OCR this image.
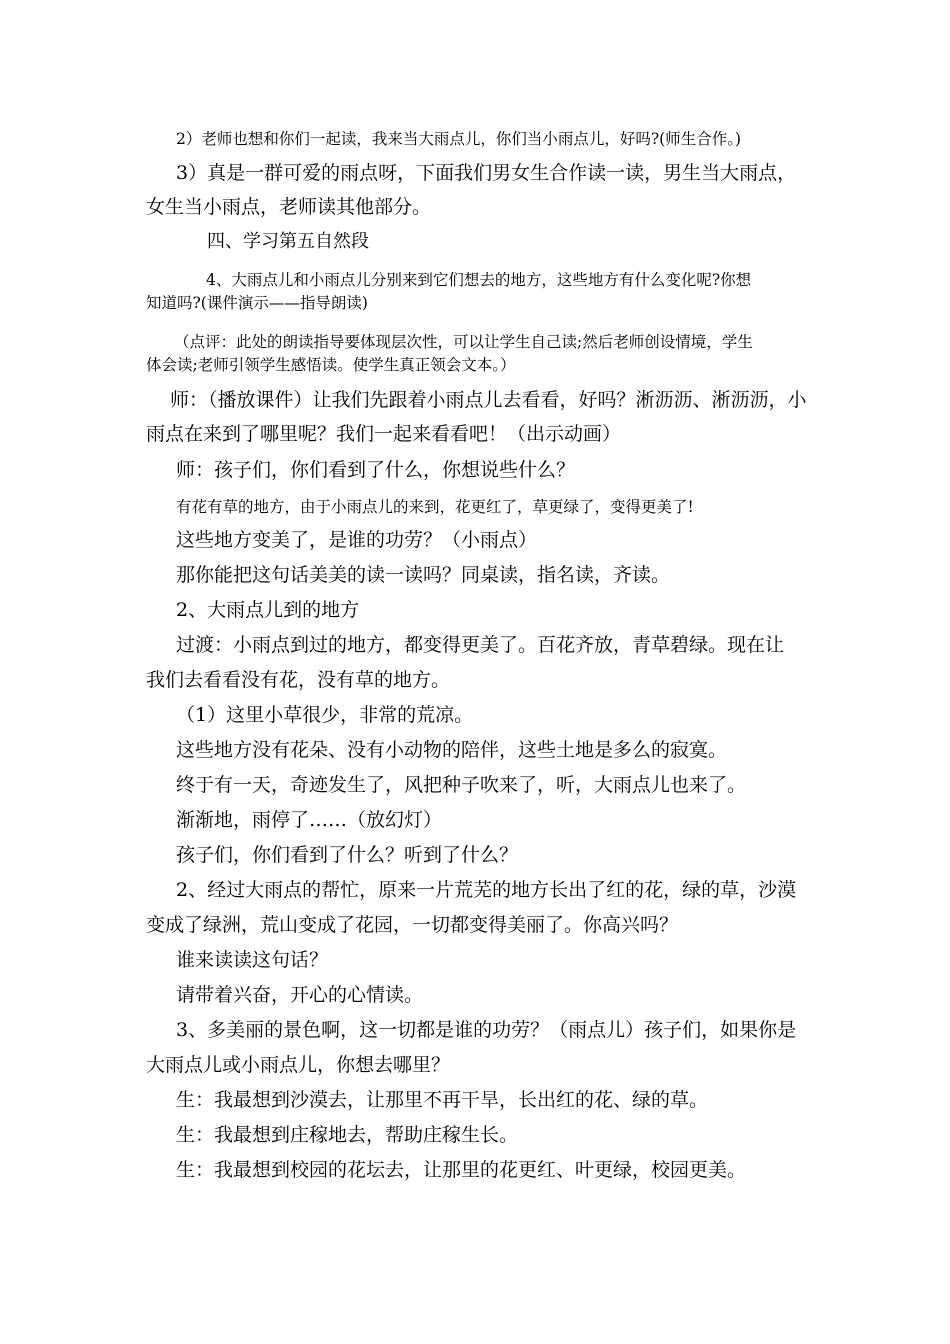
2）老师也想和你们一起读，我来当大雨点儿，你们当小雨点儿，好吗?(师生合作。)
3）真是一群可爱的雨点呀，下面我们男女生合作读一读，男生当大雨点，
女生当小雨点，老师读其他部分。
四、学习第五自然段
4、大雨点儿和小雨点儿分别来到它们想去的地方，这些地方有什么变化呢?你想
知道吗?(课件演示——指导朗读)
（点评：此处的朗读指导要体现层次性，可以让学生自己读;然后老师创设情境，学生
体会读;老师引领学生感悟读。使学生真正领会文本。）
师：（播放课件）让我们先跟着小雨点儿去看看，好吗？淅沥沥、淅沥沥，小
雨点在来到了哪里呢？我们一起来看看吧！（出示动画）
师：孩子们，你们看到了什么，你想说些什么？
有花有草的地方，由于小雨点儿的来到，花更红了，草更绿了，变得更美了!
这些地方变美了，是谁的功劳？（小雨点）
那你能把这句话美美的读一读吗？同桌读，指名读，齐读。
2、大雨点儿到的地方
过渡：小雨点到过的地方，都变得更美了。百花齐放，青草碧绿。现在让
我们去看看没有花，没有草的地方。
（1）这里小草很少，非常的荒凉。
这些地方没有花朵、没有小动物的陪伴，这些土地是多么的寂寞。
终于有一天，奇迹发生了，风把种子吹来了，听，大雨点儿也来了。
渐渐地，雨停了……（放幻灯）
孩子们，你们看到了什么？听到了什么？
2、经过大雨点的帮忙，原来一片荒芜的地方长出了红的花，绿的草，沙漠
变成了绿洲，荒山变成了花园，一切都变得美丽了。你高兴吗？
谁来读读这句话？
请带着兴奋，开心的心情读。
3、多美丽的景色啊，这一切都是谁的功劳？（雨点儿）孩子们，如果你是
大雨点儿或小雨点儿，你想去哪里？
生：我最想到沙漠去，让那里不再干旱，长出红的花、绿的草。
生：我最想到庄稼地去，帮助庄稼生长。
生：我最想到校园的花坛去，让那里的花更红、叶更绿，校园更美。
